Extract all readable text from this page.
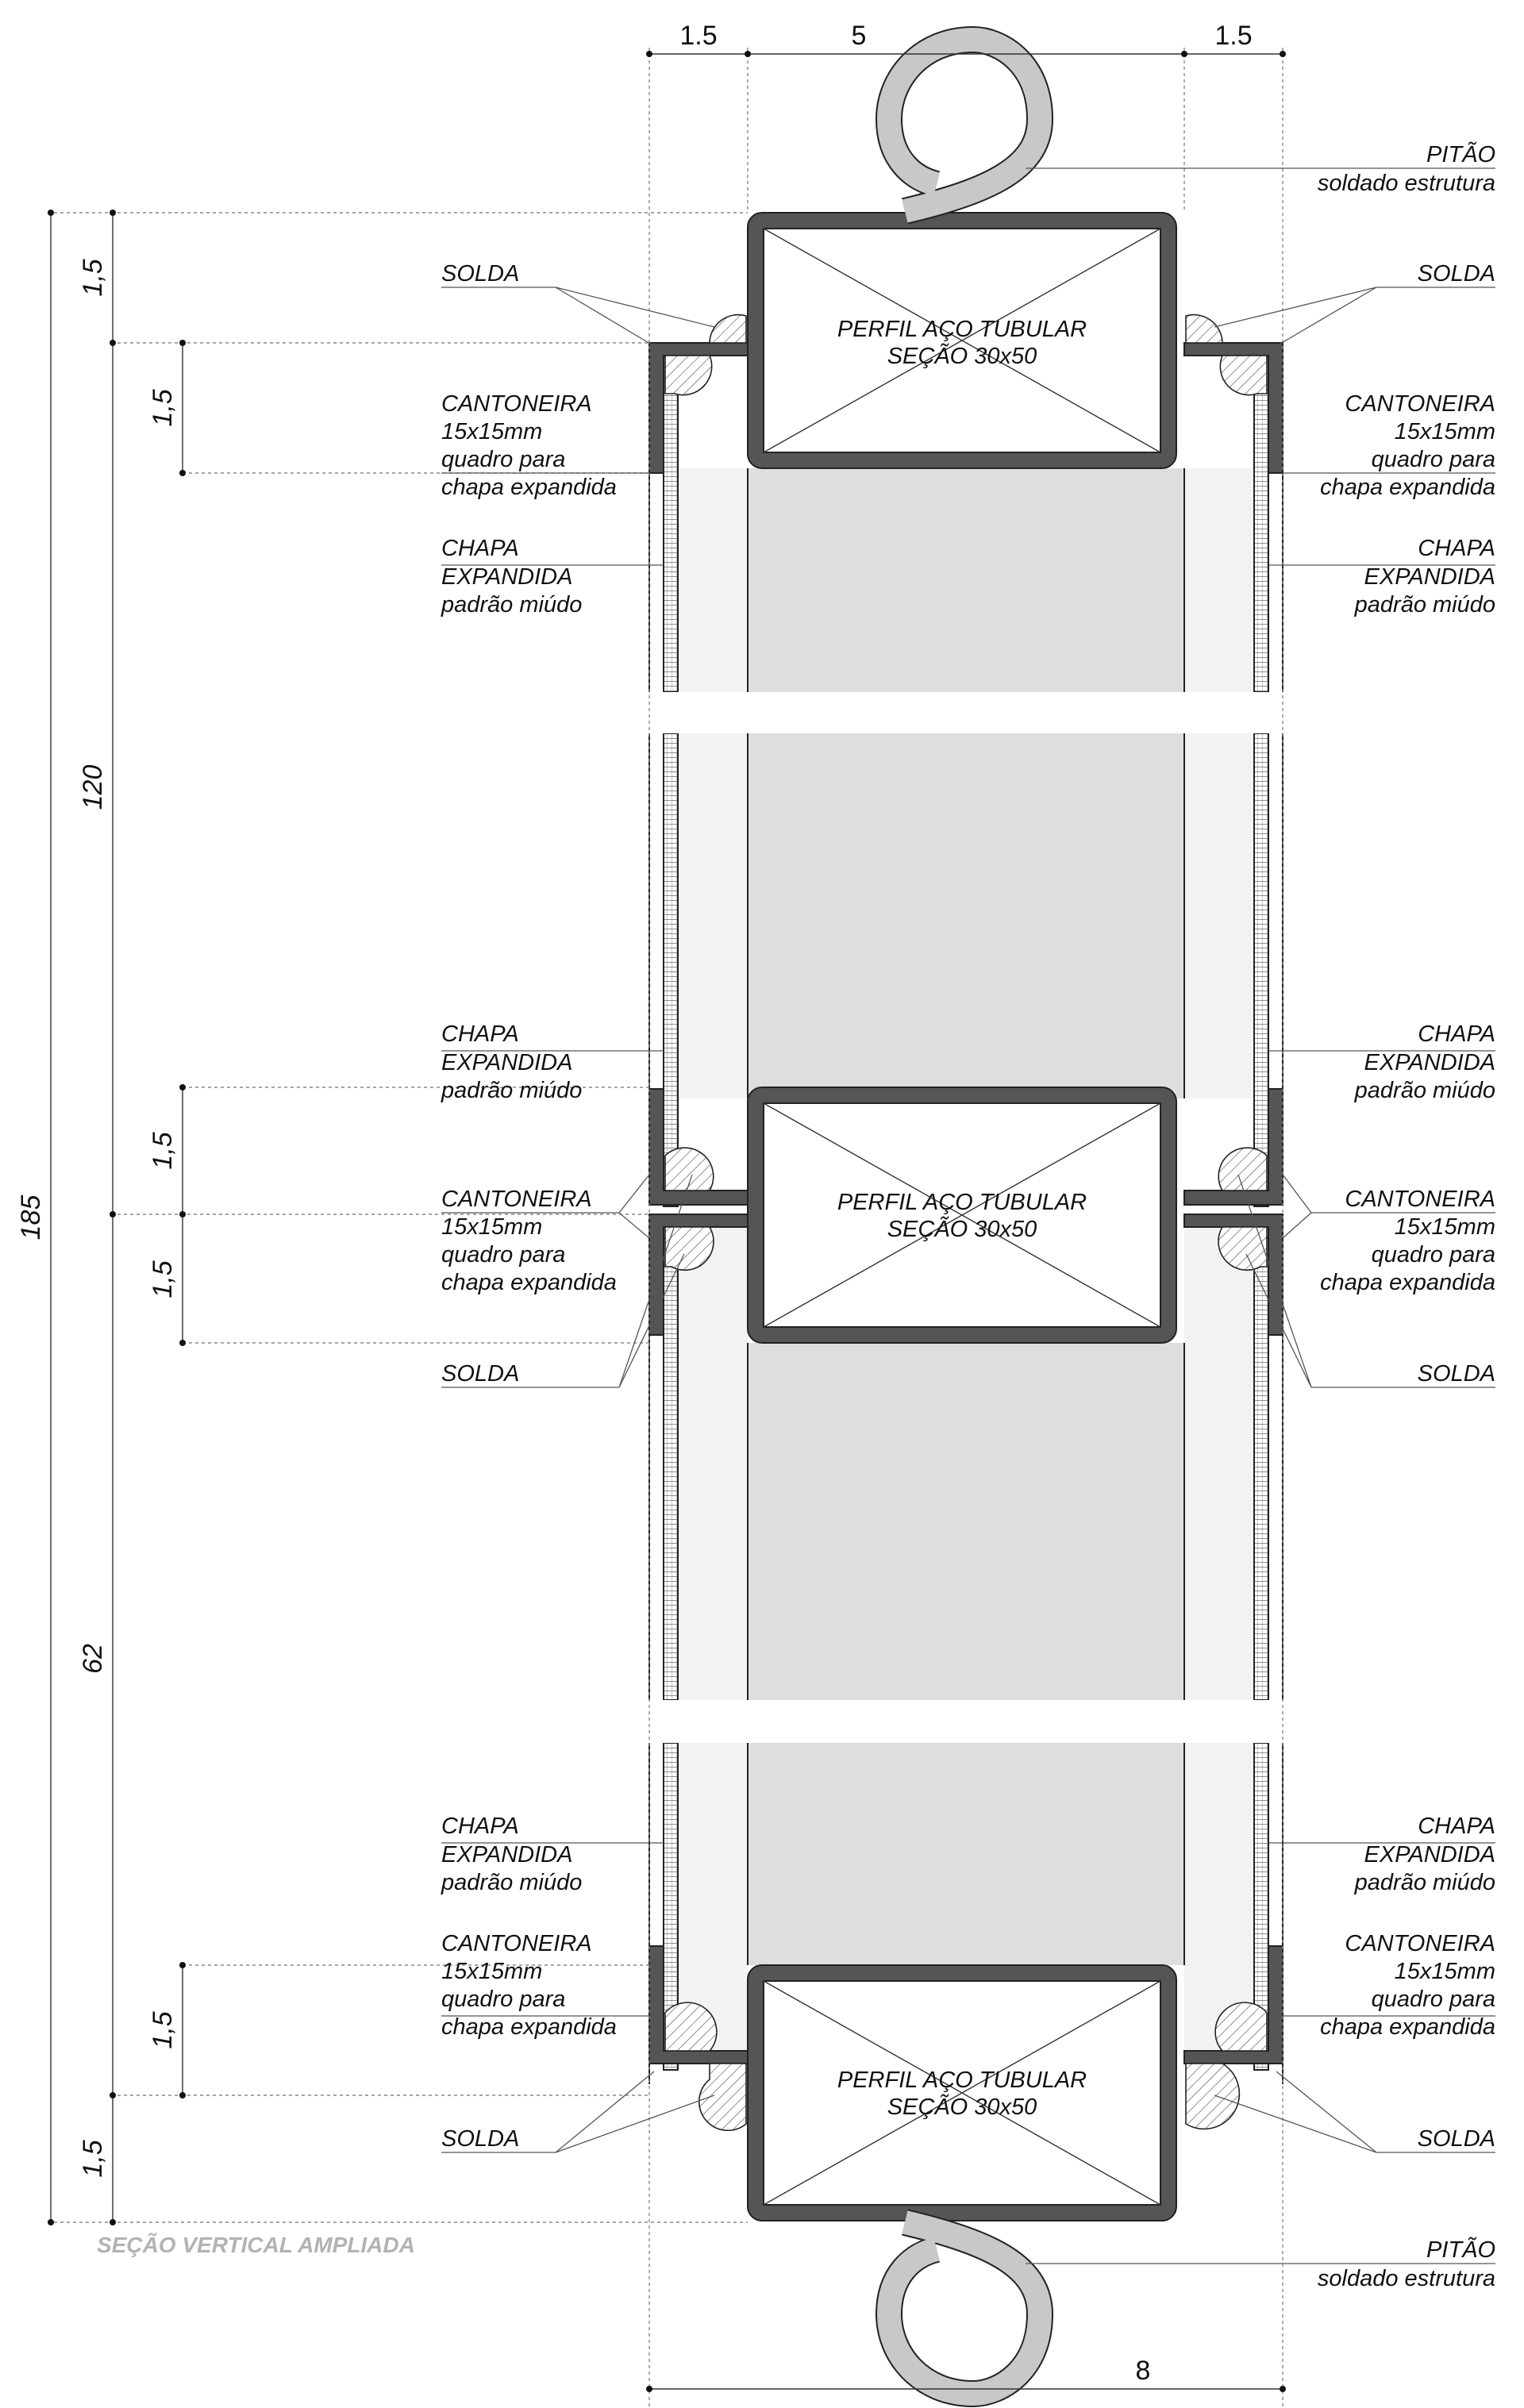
PERFIL AÇO TUBULAR
SEÇÃO 30x50
PERFIL AÇO TUBULAR
SEÇÃO 30x50
PERFIL AÇO TUBULAR
SEÇÃO 30x50
1.5	5	1.5
8
185
1,5
120
62
1,5
1,5
1,5
1,5
1,5
PITÃO
soldado estrutura
SOLDA	SOLDA
CANTONEIRA
15x15mm
quadro para
chapa expandida
CANTONEIRA
15x15mm
quadro para
chapa expandida
CHAPA
EXPANDIDA
padrão miúdo
CHAPA
EXPANDIDA
padrão miúdo
CHAPA
EXPANDIDA
padrão miúdo
CHAPA
EXPANDIDA
padrão miúdo
CANTONEIRA
15x15mm
quadro para
chapa expandida
CANTONEIRA
15x15mm
quadro para
chapa expandida
SOLDA	SOLDA
CHAPA
EXPANDIDA
padrão miúdo
CHAPA
EXPANDIDA
padrão miúdo
CANTONEIRA
15x15mm
quadro para
chapa expandida
CANTONEIRA
15x15mm
quadro para
chapa expandida
SOLDA	SOLDA
PITÃO
soldado estrutura
SEÇÃO VERTICAL AMPLIADA
